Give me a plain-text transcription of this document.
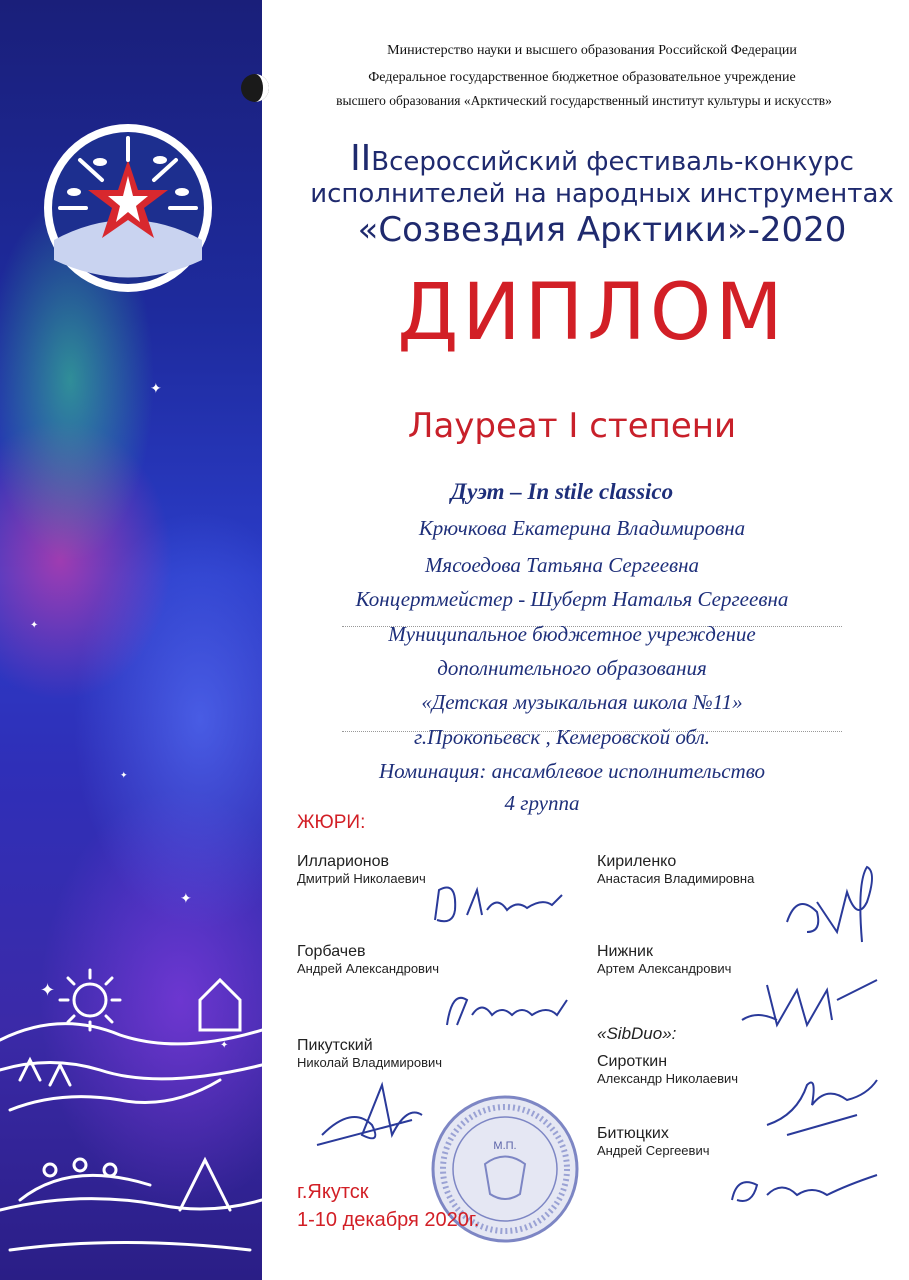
✦
✦
✦
✦
✦
✦
Министерство науки и высшего образования Российской Федерации
Федеральное государственное бюджетное образовательное учреждение
высшего образования «Арктический государственный институт культуры и искусств»
IIВсероссийский фестиваль-конкурс
исполнителей на народных инструментах
«Созвездия Арктики»-2020
ДИПЛОМ
Лауреат I степени
Дуэт – In stile classico
Крючкова Екатерина Владимировна
Мясоедова Татьяна Сергеевна
Концертмейстер - Шуберт Наталья Сергеевна
Муниципальное бюджетное учреждение
дополнительного образования
«Детская музыкальная школа №11»
г.Прокопьевск , Кемеровской обл.
Номинация: ансамблевое исполнительство
4 группа
ЖЮРИ:
Илларионов
Дмитрий Николаевич
Кириленко
Анастасия Владимировна
Горбачев
Андрей Александрович
Нижник
Артем Александрович
Пикутский
Николай Владимирович
«SibDuo»:
Сироткин
Александр Николаевич
Битюцких
Андрей Сергеевич
М.П.
г.Якутск
1-10 декабря 2020г.
